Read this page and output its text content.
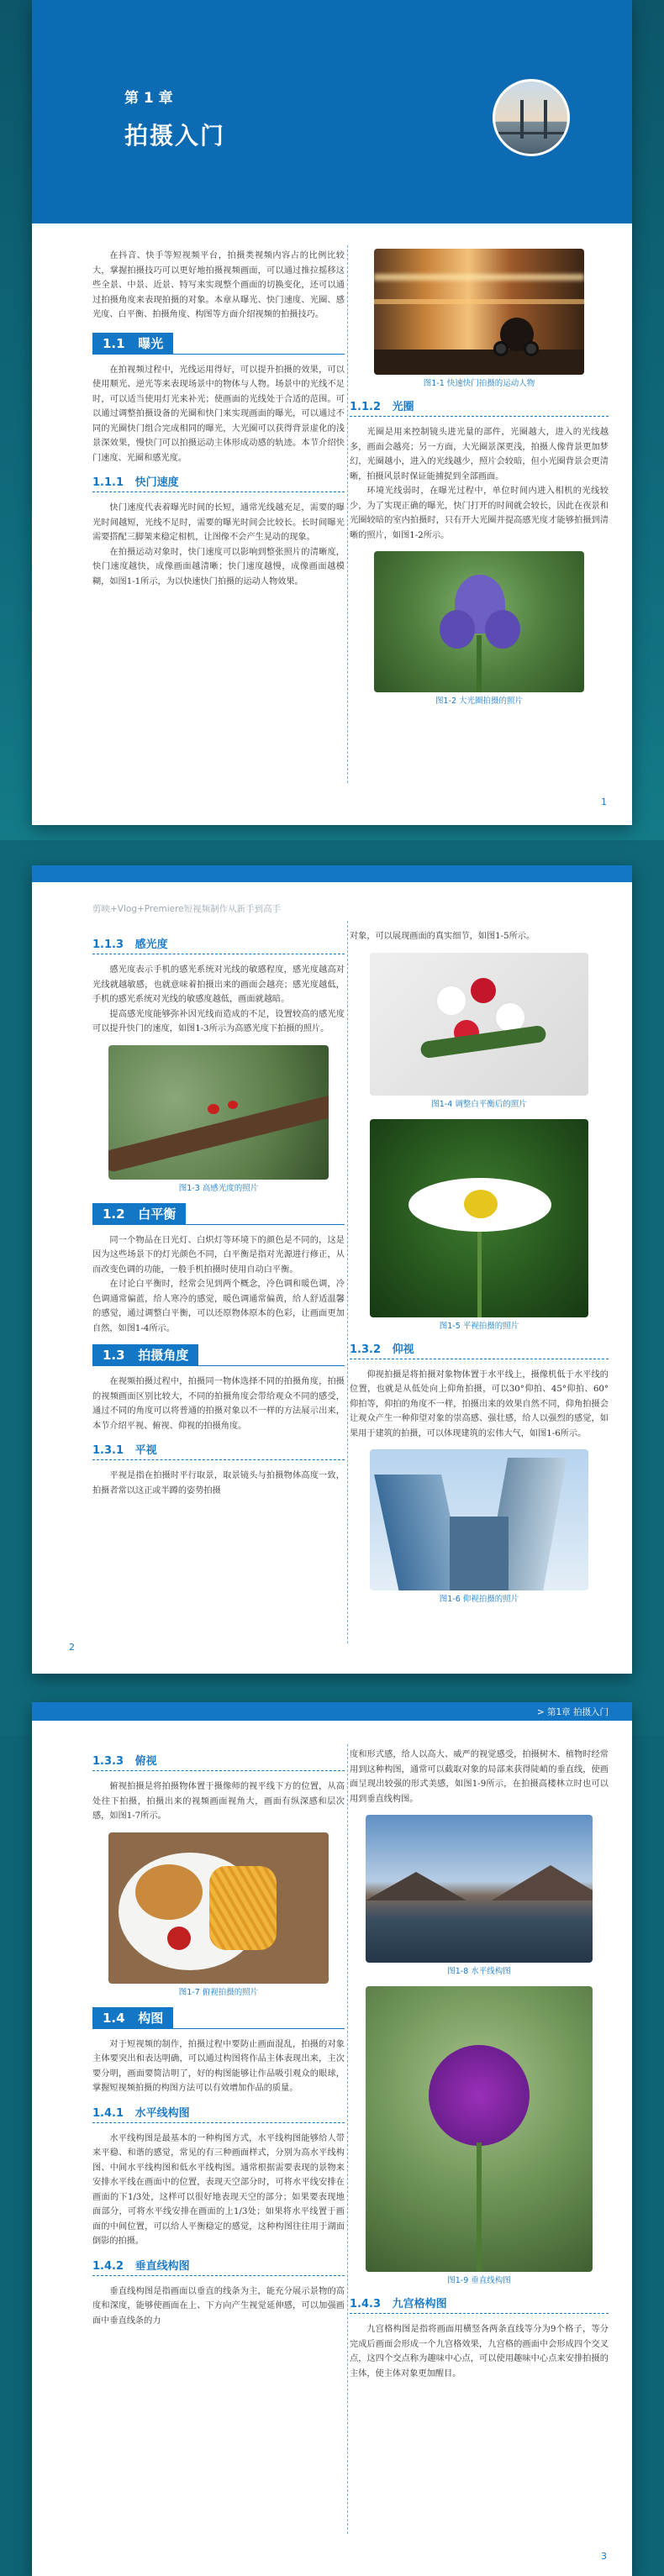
第 1 章
拍摄入门

在抖音、快手等短视频平台，拍摄类视频内容占的比例比较大，掌握拍摄技巧可以更好地拍摄视频画面，可以通过推拉摇移这些全景、中景、近景、特写来实现整个画面的切换变化，还可以通过拍摄角度来表现拍摄的对象。本章从曝光、快门速度、光圈、感光度、白平衡、拍摄角度、构图等方面介绍视频的拍摄技巧。

1.1 曝光

在拍视频过程中，光线运用得好，可以提升拍摄的效果，可以使用顺光、逆光等来表现场景中的物体与人物。场景中的光线不足时，可以适当使用灯光来补光；使画面的光线处于合适的范围。可以通过调整拍摄设备的光圈和快门来实现画面的曝光，可以通过不同的光圈快门组合完成相同的曝光，大光圈可以获得背景虚化的浅景深效果，慢快门可以拍摄运动主体形成动感的轨迹。本节介绍快门速度、光圈和感光度。

1.1.1 快门速度

快门速度代表着曝光时间的长短，通常光线越充足，需要的曝光时间越短，光线不足时，需要的曝光时间会比较长。长时间曝光需要搭配三脚架来稳定相机，让图像不会产生晃动的现象。

在拍摄运动对象时，快门速度可以影响到整张照片的清晰度，快门速度越快，成像画面越清晰；快门速度越慢，成像画面越模糊，如图1-1所示，为以快速快门拍摄的运动人物效果。

图1-1 快速快门拍摄的运动人物
1.1.2 光圈

光圈是用来控制镜头进光量的部件，光圈越大，进入的光线越多，画面会越亮；另一方面，大光圈景深更浅，拍摄人像背景更加梦幻，光圈越小，进入的光线越少，照片会较暗，但小光圈背景会更清晰，拍摄风景时保证能捕捉到全部画面。

环境光线弱时，在曝光过程中，单位时间内进入相机的光线较少，为了实现正确的曝光，快门打开的时间就会较长，因此在夜景和光圈较暗的室内拍摄时，只有开大光圈并提高感光度才能够拍摄到清晰的照片，如图1-2所示。

图1-2 大光圈拍摄的照片
1
剪映+Vlog+Premiere短视频制作从新手到高手
1.1.3 感光度

感光度表示手机的感光系统对光线的敏感程度，感光度越高对光线就越敏感，也就意味着拍摄出来的画面会越亮；感光度越低，手机的感光系统对光线的敏感度越低，画面就越暗。

提高感光度能够弥补因光线而造成的不足，设置较高的感光度可以提升快门的速度，如图1-3所示为高感光度下拍摄的照片。

图1-3 高感光度的照片
1.2 白平衡

同一个物品在日光灯、白炽灯等环境下的颜色是不同的，这是因为这些场景下的灯光颜色不同，白平衡是指对光源进行修正，从而改变色调的功能，一般手机拍摄时使用自动白平衡。

在讨论白平衡时，经常会见到两个概念，冷色调和暖色调，冷色调通常偏蓝，给人寒冷的感觉，暖色调通常偏黄，给人舒适温馨的感觉，通过调整白平衡，可以还原物体原本的色彩，让画面更加自然，如图1-4所示。

1.3 拍摄角度

在视频拍摄过程中，拍摄同一物体选择不同的拍摄角度，拍摄的视频画面区别比较大，不同的拍摄角度会带给观众不同的感受，通过不同的角度可以将普通的拍摄对象以不一样的方法展示出来，本节介绍平视、俯视、仰视的拍摄角度。

1.3.1 平视

平视是指在拍摄时平行取景，取景镜头与拍摄物体高度一致，拍摄者常以这正或半蹲的姿势拍摄

对象，可以展现画面的真实细节，如图1-5所示。

图1-4 调整白平衡后的照片
图1-5 平视拍摄的照片
1.3.2 仰视

仰视拍摄是将拍摄对象物体置于水平线上，摄像机低于水平线的位置，也就是从低处向上仰角拍摄，可以30°仰拍、45°仰拍、60°仰拍等，仰拍的角度不一样，拍摄出来的效果自然不同，仰角拍摄会让观众产生一种仰望对象的崇高感、强壮感，给人以强烈的感觉，如果用于建筑的拍摄，可以体现建筑的宏伟大气，如图1-6所示。

图1-6 仰视拍摄的照片
2
> 第1章 拍摄入门
1.3.3 俯视

俯视拍摄是将拍摄物体置于摄像师的视平线下方的位置，从高处往下拍摄，拍摄出来的视频画面视角大，画面有纵深感和层次感，如图1-7所示。

图1-7 俯视拍摄的照片
1.4 构图

对于短视频的制作，拍摄过程中要防止画面混乱，拍摄的对象主体要突出和表达明确，可以通过构图将作品主体表现出来，主次要分明，画面要简洁明了，好的构图能够让作品吸引观众的眼球，掌握短视频拍摄的构图方法可以有效增加作品的质量。

1.4.1 水平线构图

水平线构图是最基本的一种构图方式，水平线构图能够给人带来平稳、和谐的感觉，常见的有三种画面样式，分别为高水平线构图、中间水平线构图和低水平线构图。通常根据需要表现的景物来安排水平线在画面中的位置，表现天空部分时，可将水平线安排在画面的下1/3处，这样可以很好地表现天空的部分；如果要表现地面部分，可将水平线安排在画面的上1/3处；如果将水平线置于画面的中间位置，可以给人平衡稳定的感觉，这种构图往往用于湖面倒影的拍摄。

1.4.2 垂直线构图

垂直线构图是指画面以垂直的线条为主，能充分展示景物的高度和深度，能够使画面在上、下方向产生视觉延伸感，可以加强画面中垂直线条的力

度和形式感，给人以高大、威严的视觉感受，拍摄树木、植物时经常用到这种构图，通常可以截取对象的局部来获得陡峭的垂直线，使画面呈现出较强的形式美感，如图1-9所示，在拍摄高楼林立时也可以用到垂直线构图。

图1-8 水平线构图
图1-9 垂直线构图
1.4.3 九宫格构图

九宫格构图是指将画面用横竖各两条直线等分为9个格子，等分完成后画面会形成一个九宫格效果，九宫格的画面中会形成四个交叉点，这四个交点称为趣味中心点，可以使用趣味中心点来安排拍摄的主体，使主体对象更加醒目。

3
